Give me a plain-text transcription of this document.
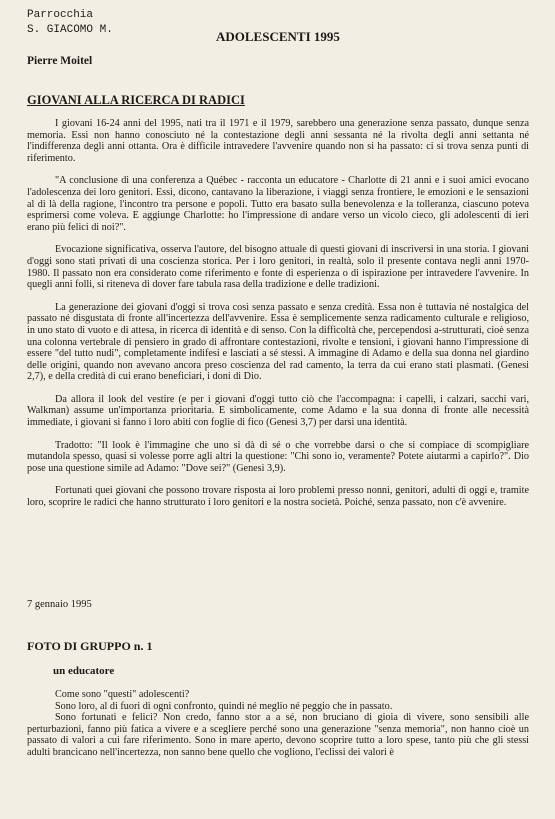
Parrocchia
S. GIACOMO M.	ADOLESCENTI 1995
Pierre Moitel
GIOVANI ALLA RICERCA DI RADICI

I giovani 16-24 anni del 1995, nati tra il 1971 e il 1979, sarebbero una generazione senza passato, dunque senza memoria. Essi non hanno conosciuto né la contestazione degli anni sessanta né la rivolta degli anni settanta né l'indifferenza degli anni ottanta. Ora è difficile intravedere l'avvenire quando non si ha passato: ci si trova senza punti di riferimento.

"A conclusione di una conferenza a Québec - racconta un educatore - Charlotte di 21 anni e i suoi amici evocano l'adolescenza dei loro genitori. Essi, dicono, cantavano la liberazione, i viaggi senza frontiere, le emozioni e le sensazioni al di là della ragione, l'incontro tra persone e popoli. Tutto era basato sulla benevolenza e la tolleranza, ciascuno poteva esprimersi come voleva. E aggiunge Charlotte: ho l'impressione di andare verso un vicolo cieco, gli adolescenti di ieri erano più felici di noi?".

Evocazione significativa, osserva l'autore, del bisogno attuale di questi giovani di inscriversi in una storia. I giovani d'oggi sono stati privati di una coscienza storica. Per i loro genitori, in realtà, solo il presente contava negli anni 1970-1980. Il passato non era considerato come riferimento e fonte di esperienza o di ispirazione per intravedere l'avvenire. In quegli anni folli, si riteneva di dover fare tabula rasa della tradizione e delle tradizioni.

La generazione dei giovani d'oggi si trova così senza passato e senza credità. Essa non è tuttavia né nostalgica del passato né disgustata di fronte all'incertezza dell'avvenire. Essa è semplicemente senza radicamento culturale e religioso, in uno stato di vuoto e di attesa, in ricerca di identità e di senso. Con la difficoltà che, percependosi a-strutturati, cioè senza una colonna vertebrale di pensiero in grado di affrontare contestazioni, rivolte e tensioni, i giovani hanno l'impressione di essere "del tutto nudi", completamente indifesi e lasciati a sé stessi. A immagine di Adamo e della sua donna nel giardino delle origini, quando non avevano ancora preso coscienza del rad camento, la terra da cui erano stati plasmati. (Genesi 2,7), e della credità di cui erano beneficiari, i doni di Dio.

Da allora il look del vestire (e per i giovani d'oggi tutto ciò che l'accompagna: i capelli, i calzari, sacchi vari, Walkman) assume un'importanza prioritaria. E simbolicamente, come Adamo e la sua donna di fronte alle necessità immediate, i giovani si fanno i loro abiti con foglie di fico (Genesi 3,7) per darsi una identità.

Tradotto: "Il look è l'immagine che uno si dà di sé o che vorrebbe darsi o che si compiace di scompigliare mutandola spesso, quasi si volesse porre agli altri la questione: "Chi sono io, veramente? Potete aiutarmi a capirlo?". Dio pose una questione simile ad Adamo: "Dove sei?" (Genesi 3,9).

Fortunati quei giovani che possono trovare risposta ai loro problemi presso nonni, genitori, adulti di oggi e, tramite loro, scoprire le radici che hanno strutturato i loro genitori e la nostra società. Poiché, senza passato, non c'è avvenire.

7 gennaio 1995
FOTO DI GRUPPO n. 1
un educatore

Come sono "questi" adolescenti?

Sono loro, al di fuori di ogni confronto, quindi né meglio né peggio che in passato.

Sono fortunati e felici? Non credo, fanno stor a a sé, non bruciano di gioia di vivere, sono sensibili alle perturbazioni, fanno più fatica a vivere e a scegliere perché sono una generazione "senza memoria", non hanno cioè un passato di valori a cui fare riferimento. Sono in mare aperto, devono scoprire tutto a loro spese, tanto più che gli stessi adulti brancicano nell'incertezza, non sanno bene quello che vogliono, l'eclissi dei valori è
